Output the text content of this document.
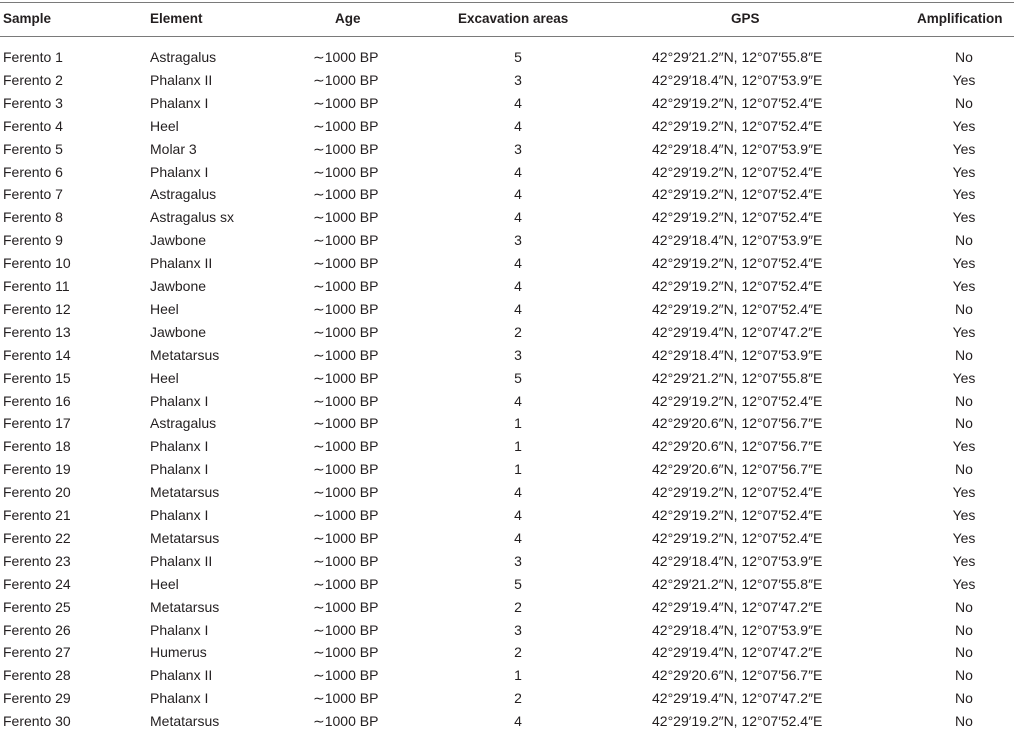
Sample	Element	Age	Excavation areas	GPS	Amplification
Ferento 1	Astragalus	∼1000 BP	5	42°29′21.2″N, 12°07′55.8″E	No
Ferento 2	Phalanx II	∼1000 BP	3	42°29′18.4″N, 12°07′53.9″E	Yes
Ferento 3	Phalanx I	∼1000 BP	4	42°29′19.2″N, 12°07′52.4″E	No
Ferento 4	Heel	∼1000 BP	4	42°29′19.2″N, 12°07′52.4″E	Yes
Ferento 5	Molar 3	∼1000 BP	3	42°29′18.4″N, 12°07′53.9″E	Yes
Ferento 6	Phalanx I	∼1000 BP	4	42°29′19.2″N, 12°07′52.4″E	Yes
Ferento 7	Astragalus	∼1000 BP	4	42°29′19.2″N, 12°07′52.4″E	Yes
Ferento 8	Astragalus sx	∼1000 BP	4	42°29′19.2″N, 12°07′52.4″E	Yes
Ferento 9	Jawbone	∼1000 BP	3	42°29′18.4″N, 12°07′53.9″E	No
Ferento 10	Phalanx II	∼1000 BP	4	42°29′19.2″N, 12°07′52.4″E	Yes
Ferento 11	Jawbone	∼1000 BP	4	42°29′19.2″N, 12°07′52.4″E	Yes
Ferento 12	Heel	∼1000 BP	4	42°29′19.2″N, 12°07′52.4″E	No
Ferento 13	Jawbone	∼1000 BP	2	42°29′19.4″N, 12°07′47.2″E	Yes
Ferento 14	Metatarsus	∼1000 BP	3	42°29′18.4″N, 12°07′53.9″E	No
Ferento 15	Heel	∼1000 BP	5	42°29′21.2″N, 12°07′55.8″E	Yes
Ferento 16	Phalanx I	∼1000 BP	4	42°29′19.2″N, 12°07′52.4″E	No
Ferento 17	Astragalus	∼1000 BP	1	42°29′20.6″N, 12°07′56.7″E	No
Ferento 18	Phalanx I	∼1000 BP	1	42°29′20.6″N, 12°07′56.7″E	Yes
Ferento 19	Phalanx I	∼1000 BP	1	42°29′20.6″N, 12°07′56.7″E	No
Ferento 20	Metatarsus	∼1000 BP	4	42°29′19.2″N, 12°07′52.4″E	Yes
Ferento 21	Phalanx I	∼1000 BP	4	42°29′19.2″N, 12°07′52.4″E	Yes
Ferento 22	Metatarsus	∼1000 BP	4	42°29′19.2″N, 12°07′52.4″E	Yes
Ferento 23	Phalanx II	∼1000 BP	3	42°29′18.4″N, 12°07′53.9″E	Yes
Ferento 24	Heel	∼1000 BP	5	42°29′21.2″N, 12°07′55.8″E	Yes
Ferento 25	Metatarsus	∼1000 BP	2	42°29′19.4″N, 12°07′47.2″E	No
Ferento 26	Phalanx I	∼1000 BP	3	42°29′18.4″N, 12°07′53.9″E	No
Ferento 27	Humerus	∼1000 BP	2	42°29′19.4″N, 12°07′47.2″E	No
Ferento 28	Phalanx II	∼1000 BP	1	42°29′20.6″N, 12°07′56.7″E	No
Ferento 29	Phalanx I	∼1000 BP	2	42°29′19.4″N, 12°07′47.2″E	No
Ferento 30	Metatarsus	∼1000 BP	4	42°29′19.2″N, 12°07′52.4″E	No
